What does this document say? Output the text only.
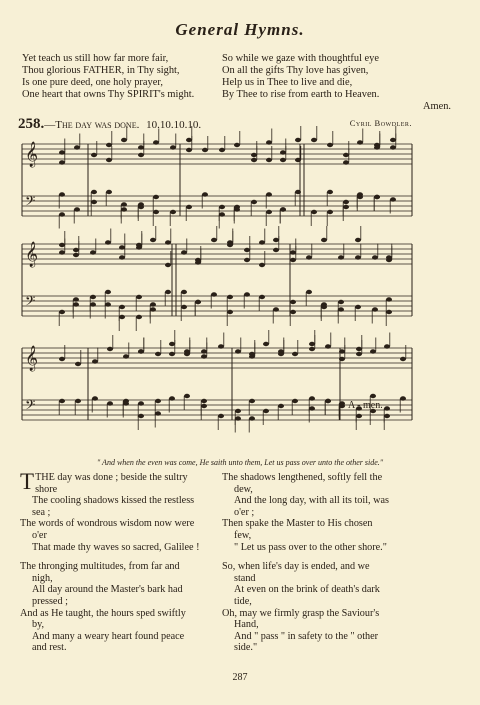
General Hymns.
Yet teach us still how far more fair,
Thou glorious FATHER, in Thy sight,
Is one pure deed, one holy prayer,
One heart that owns Thy SPIRIT's might.
So while we gaze with thoughtful eye
On all the gifts Thy love has given,
Help us in Thee to live and die,
By Thee to rise from earth to Heaven.
Amen.
258.—The day was done. 10.10.10.10.	Cyril Bowdler.
𝄞
𝄢
𝄞
𝄢
𝄞
𝄢	A - men.
" And when the even was come, He saith unto them, Let us pass over unto the other side."
TTHE day was done ; beside the sultry
shore
The cooling shadows kissed the restless
sea ;
The words of wondrous wisdom now were
o'er
That made thy waves so sacred, Galilee !
The thronging multitudes, from far and
nigh,
All day around the Master's bark had
pressed ;
And as He taught, the hours sped swiftly
by,
And many a weary heart found peace
and rest.
The shadows lengthened, softly fell the
dew,
And the long day, with all its toil, was
o'er ;
Then spake the Master to His chosen
few,
" Let us pass over to the other shore."
So, when life's day is ended, and we
stand
At even on the brink of death's dark
tide,
Oh, may we firmly grasp the Saviour's
Hand,
And " pass " in safety to the " other
side."
287
